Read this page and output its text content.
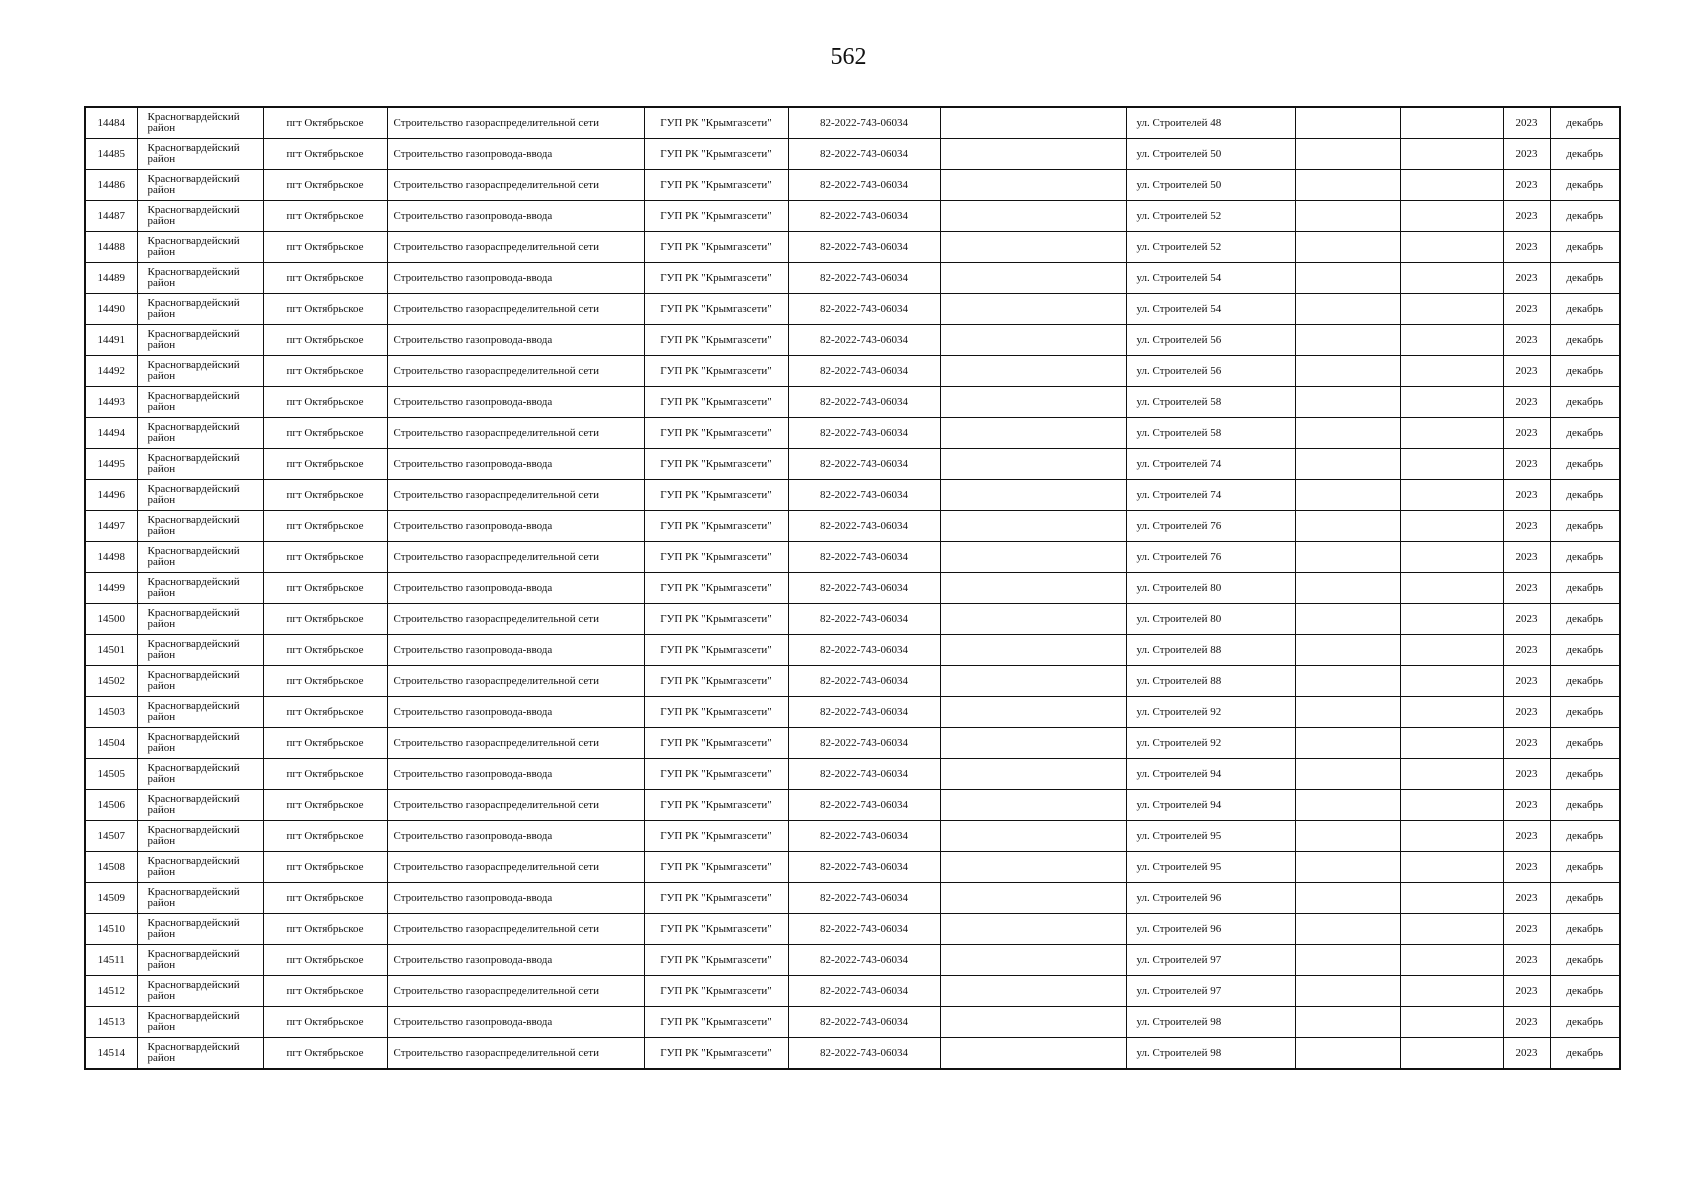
562
14484	Красногвардейский район	пгт Октябрьское	Строительство газораспределительной сети	ГУП РК "Крымгазсети"	82-2022-743-06034		ул. Строителей 48			2023	декабрь
14485	Красногвардейский район	пгт Октябрьское	Строительство газопровода-ввода	ГУП РК "Крымгазсети"	82-2022-743-06034		ул. Строителей 50			2023	декабрь
14486	Красногвардейский район	пгт Октябрьское	Строительство газораспределительной сети	ГУП РК "Крымгазсети"	82-2022-743-06034		ул. Строителей 50			2023	декабрь
14487	Красногвардейский район	пгт Октябрьское	Строительство газопровода-ввода	ГУП РК "Крымгазсети"	82-2022-743-06034		ул. Строителей 52			2023	декабрь
14488	Красногвардейский район	пгт Октябрьское	Строительство газораспределительной сети	ГУП РК "Крымгазсети"	82-2022-743-06034		ул. Строителей 52			2023	декабрь
14489	Красногвардейский район	пгт Октябрьское	Строительство газопровода-ввода	ГУП РК "Крымгазсети"	82-2022-743-06034		ул. Строителей 54			2023	декабрь
14490	Красногвардейский район	пгт Октябрьское	Строительство газораспределительной сети	ГУП РК "Крымгазсети"	82-2022-743-06034		ул. Строителей 54			2023	декабрь
14491	Красногвардейский район	пгт Октябрьское	Строительство газопровода-ввода	ГУП РК "Крымгазсети"	82-2022-743-06034		ул. Строителей 56			2023	декабрь
14492	Красногвардейский район	пгт Октябрьское	Строительство газораспределительной сети	ГУП РК "Крымгазсети"	82-2022-743-06034		ул. Строителей 56			2023	декабрь
14493	Красногвардейский район	пгт Октябрьское	Строительство газопровода-ввода	ГУП РК "Крымгазсети"	82-2022-743-06034		ул. Строителей 58			2023	декабрь
14494	Красногвардейский район	пгт Октябрьское	Строительство газораспределительной сети	ГУП РК "Крымгазсети"	82-2022-743-06034		ул. Строителей 58			2023	декабрь
14495	Красногвардейский район	пгт Октябрьское	Строительство газопровода-ввода	ГУП РК "Крымгазсети"	82-2022-743-06034		ул. Строителей 74			2023	декабрь
14496	Красногвардейский район	пгт Октябрьское	Строительство газораспределительной сети	ГУП РК "Крымгазсети"	82-2022-743-06034		ул. Строителей 74			2023	декабрь
14497	Красногвардейский район	пгт Октябрьское	Строительство газопровода-ввода	ГУП РК "Крымгазсети"	82-2022-743-06034		ул. Строителей 76			2023	декабрь
14498	Красногвардейский район	пгт Октябрьское	Строительство газораспределительной сети	ГУП РК "Крымгазсети"	82-2022-743-06034		ул. Строителей 76			2023	декабрь
14499	Красногвардейский район	пгт Октябрьское	Строительство газопровода-ввода	ГУП РК "Крымгазсети"	82-2022-743-06034		ул. Строителей 80			2023	декабрь
14500	Красногвардейский район	пгт Октябрьское	Строительство газораспределительной сети	ГУП РК "Крымгазсети"	82-2022-743-06034		ул. Строителей 80			2023	декабрь
14501	Красногвардейский район	пгт Октябрьское	Строительство газопровода-ввода	ГУП РК "Крымгазсети"	82-2022-743-06034		ул. Строителей 88			2023	декабрь
14502	Красногвардейский район	пгт Октябрьское	Строительство газораспределительной сети	ГУП РК "Крымгазсети"	82-2022-743-06034		ул. Строителей 88			2023	декабрь
14503	Красногвардейский район	пгт Октябрьское	Строительство газопровода-ввода	ГУП РК "Крымгазсети"	82-2022-743-06034		ул. Строителей 92			2023	декабрь
14504	Красногвардейский район	пгт Октябрьское	Строительство газораспределительной сети	ГУП РК "Крымгазсети"	82-2022-743-06034		ул. Строителей 92			2023	декабрь
14505	Красногвардейский район	пгт Октябрьское	Строительство газопровода-ввода	ГУП РК "Крымгазсети"	82-2022-743-06034		ул. Строителей 94			2023	декабрь
14506	Красногвардейский район	пгт Октябрьское	Строительство газораспределительной сети	ГУП РК "Крымгазсети"	82-2022-743-06034		ул. Строителей 94			2023	декабрь
14507	Красногвардейский район	пгт Октябрьское	Строительство газопровода-ввода	ГУП РК "Крымгазсети"	82-2022-743-06034		ул. Строителей 95			2023	декабрь
14508	Красногвардейский район	пгт Октябрьское	Строительство газораспределительной сети	ГУП РК "Крымгазсети"	82-2022-743-06034		ул. Строителей 95			2023	декабрь
14509	Красногвардейский район	пгт Октябрьское	Строительство газопровода-ввода	ГУП РК "Крымгазсети"	82-2022-743-06034		ул. Строителей 96			2023	декабрь
14510	Красногвардейский район	пгт Октябрьское	Строительство газораспределительной сети	ГУП РК "Крымгазсети"	82-2022-743-06034		ул. Строителей 96			2023	декабрь
14511	Красногвардейский район	пгт Октябрьское	Строительство газопровода-ввода	ГУП РК "Крымгазсети"	82-2022-743-06034		ул. Строителей 97			2023	декабрь
14512	Красногвардейский район	пгт Октябрьское	Строительство газораспределительной сети	ГУП РК "Крымгазсети"	82-2022-743-06034		ул. Строителей 97			2023	декабрь
14513	Красногвардейский район	пгт Октябрьское	Строительство газопровода-ввода	ГУП РК "Крымгазсети"	82-2022-743-06034		ул. Строителей 98			2023	декабрь
14514	Красногвардейский район	пгт Октябрьское	Строительство газораспределительной сети	ГУП РК "Крымгазсети"	82-2022-743-06034		ул. Строителей 98			2023	декабрь
